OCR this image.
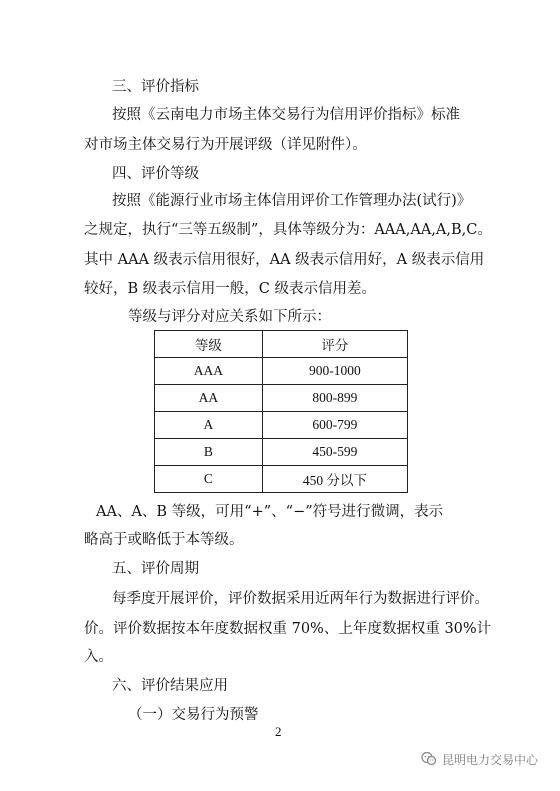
三、评价指标
按照《云南电力市场主体交易行为信用评价指标》标准
对市场主体交易行为开展评级（详见附件）。
四、评价等级
按照《能源行业市场主体信用评价工作管理办法(试行)》
之规定，执行“三等五级制”，具体等级分为：AAA,AA,A,B,C。
其中 AAA 级表示信用很好，AA 级表示信用好，A 级表示信用
较好，B 级表示信用一般，C 级表示信用差。
等级与评分对应关系如下所示：
等级	评分
AAA	900-1000
AA	800-899
A	600-799
B	450-599
C	450 分以下
AA、A、B 等级，可用“+”、“−”符号进行微调，表示
略高于或略低于本等级。
五、评价周期
每季度开展评价，评价数据采用近两年行为数据进行评价。
价。评价数据按本年度数据权重 70%、上年度数据权重 30%计
入。
六、评价结果应用
（一）交易行为预警
2
昆明电力交易中心
